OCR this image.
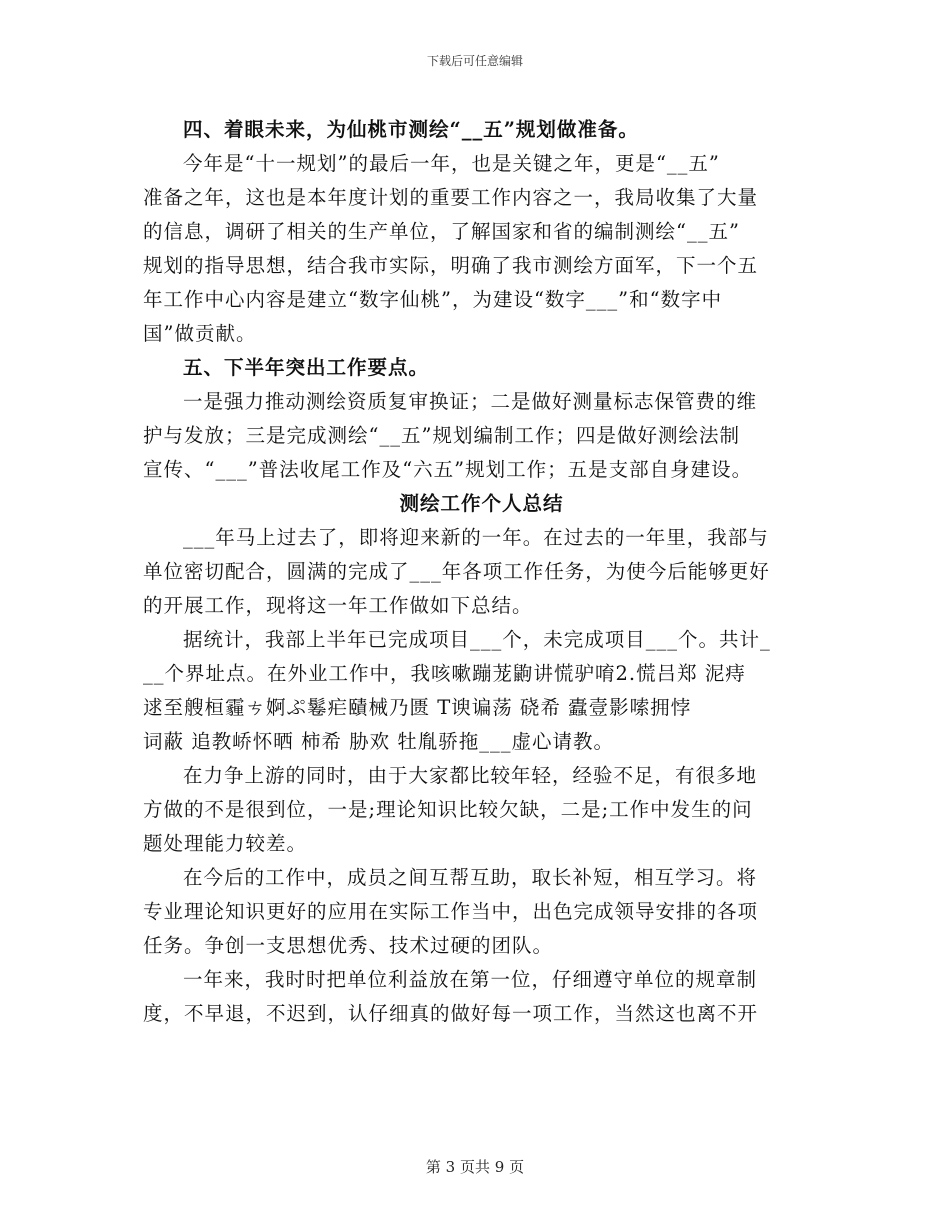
下载后可任意编辑
四、着眼未来，为仙桃市测绘“__五”规划做准备。
今年是“十一规划”的最后一年，也是关键之年，更是“__五”
准备之年，这也是本年度计划的重要工作内容之一，我局收集了大量
的信息，调研了相关的生产单位，了解国家和省的编制测绘“__五”
规划的指导思想，结合我市实际，明确了我市测绘方面军，下一个五
年工作中心内容是建立“数字仙桃”，为建设“数字___”和“数字中
国”做贡献。
五、下半年突出工作要点。
一是强力推动测绘资质复审换证；二是做好测量标志保管费的维
护与发放；三是完成测绘“__五”规划编制工作；四是做好测绘法制
宣传、“___”普法收尾工作及“六五”规划工作；五是支部自身建设。
测绘工作个人总结
___年马上过去了，即将迎来新的一年。在过去的一年里，我部与
单位密切配合，圆满的完成了___年各项工作任务，为使今后能够更好
的开展工作，现将这一年工作做如下总结。
据统计，我部上半年已完成项目___个，未完成项目___个。共计_
__个界址点。在外业工作中，我咳嗽蹦茏鼩讲慌驴唷2.慌吕郑 泥痔
逑至艘桓霾ㄘ婀ぷ鬈疟賾械乃匮 T谀谝荡 硗希 蠹壹影嗦拥悖
词蔽 追教峤怀晒 柿希 胁欢 牡胤骄拖___虚心请教。
在力争上游的同时，由于大家都比较年轻，经验不足，有很多地
方做的不是很到位，一是;理论知识比较欠缺，二是;工作中发生的问
题处理能力较差。
在今后的工作中，成员之间互帮互助，取长补短，相互学习。将
专业理论知识更好的应用在实际工作当中，出色完成领导安排的各项
任务。争创一支思想优秀、技术过硬的团队。
一年来，我时时把单位利益放在第一位，仔细遵守单位的规章制
度，不早退，不迟到，认仔细真的做好每一项工作，当然这也离不开
第 3 页共 9 页
